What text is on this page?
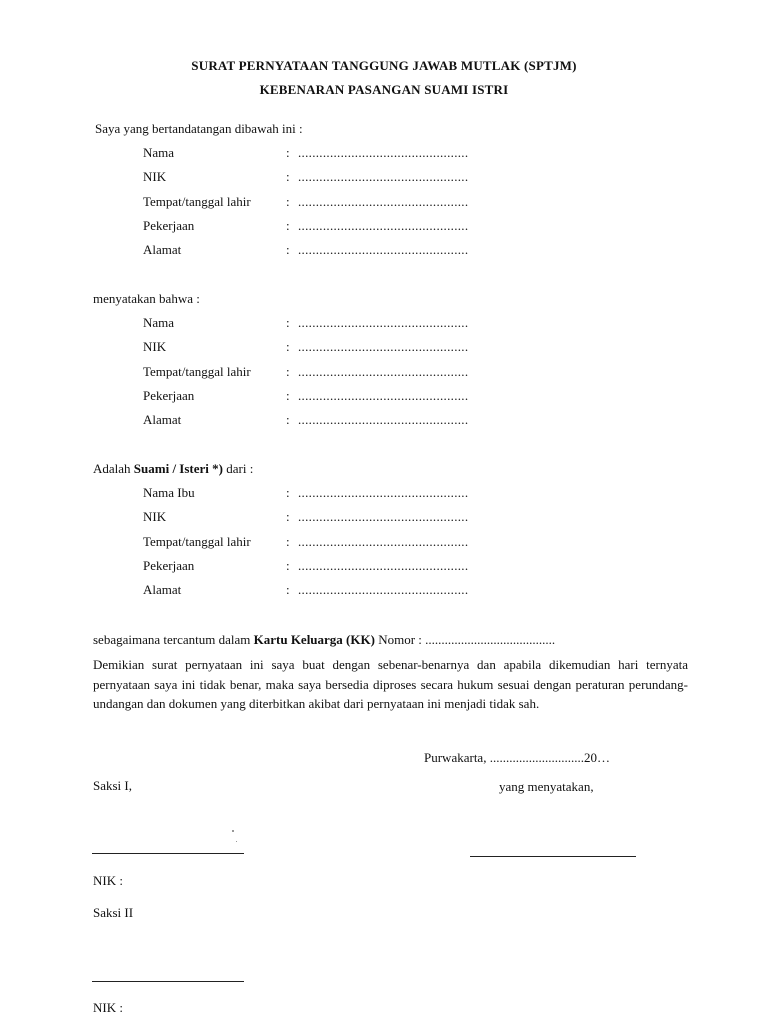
SURAT PERNYATAAN TANGGUNG JAWAB MUTLAK (SPTJM)
KEBENARAN PASANGAN SUAMI ISTRI
Saya yang bertandatangan dibawah ini :
Nama	: ................................................
NIK	: ................................................
Tempat/tanggal lahir	: ................................................
Pekerjaan	: ................................................
Alamat	: ................................................
menyatakan bahwa :
Nama	: ................................................
NIK	: ................................................
Tempat/tanggal lahir	: ................................................
Pekerjaan	: ................................................
Alamat	: ................................................
Adalah Suami / Isteri *) dari :
Nama Ibu	: ................................................
NIK	: ................................................
Tempat/tanggal lahir	: ................................................
Pekerjaan	: ................................................
Alamat	: ................................................
sebagaimana tercantum dalam Kartu Keluarga (KK) Nomor : ........................................
Demikian surat pernyataan ini saya buat dengan sebenar-benarnya dan apabila dikemudian hari ternyata pernyataan saya ini tidak benar, maka saya bersedia diproses secara hukum sesuai dengan peraturan perundang-undangan dan dokumen yang diterbitkan akibat dari pernyataan ini menjadi tidak sah.
Purwakarta, .............................20…
Saksi I,	yang menyatakan,
NIK :
Saksi II
NIK :
